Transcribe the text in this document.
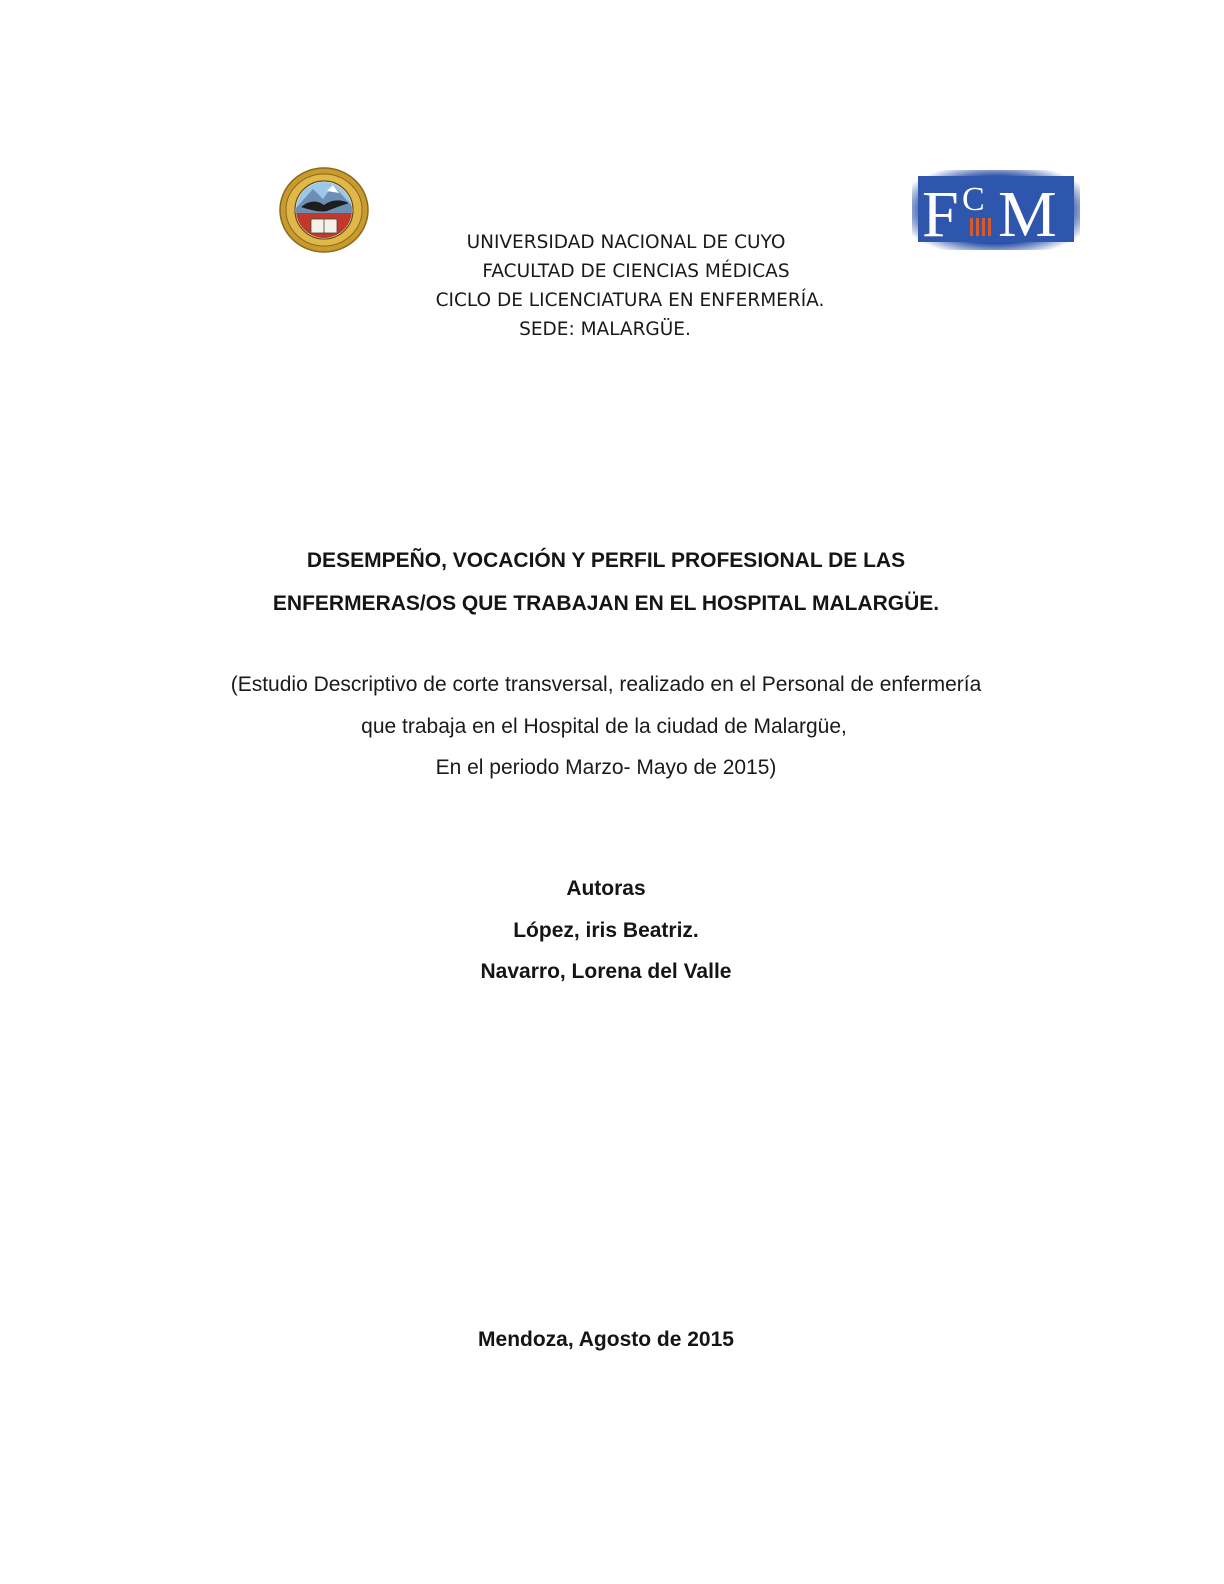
F C M
UNIVERSIDAD NACIONAL DE CUYO
FACULTAD DE CIENCIAS MÉDICAS
CICLO DE LICENCIATURA EN ENFERMERÍA.
SEDE: MALARGÜE.
DESEMPEÑO, VOCACIÓN Y PERFIL PROFESIONAL DE LAS
ENFERMERAS/OS QUE TRABAJAN EN EL HOSPITAL MALARGÜE.
(Estudio Descriptivo de corte transversal, realizado en el Personal de enfermería
que trabaja en el Hospital de la ciudad de Malargüe,
En el periodo Marzo- Mayo de 2015)
Autoras
López, iris Beatriz.
Navarro, Lorena del Valle
Mendoza, Agosto de 2015
